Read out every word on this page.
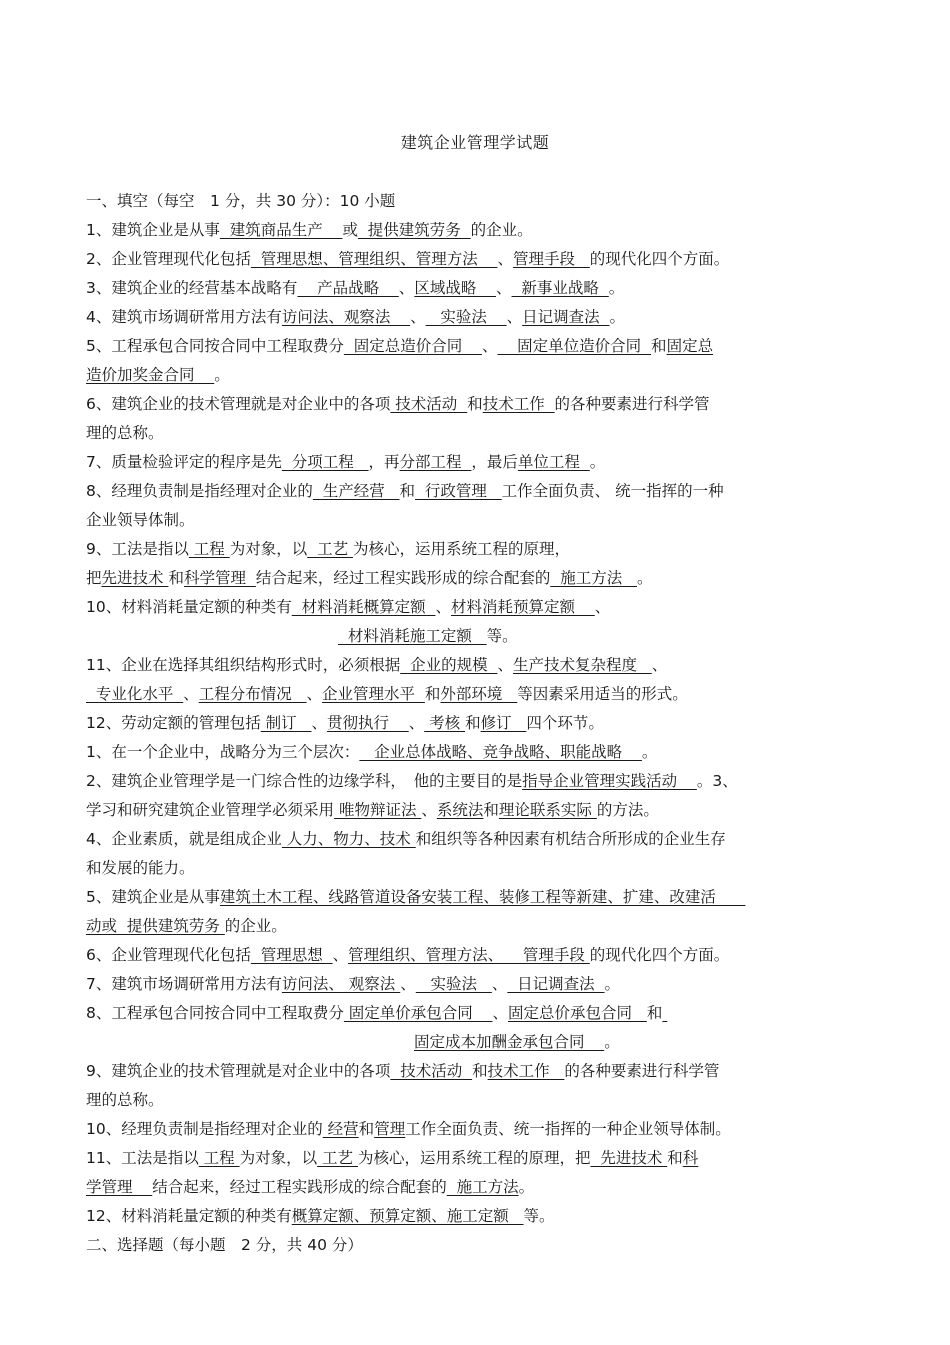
建筑企业管理学试题
一、填空（每空　1 分，共 30 分）：10 小题
1、建筑企业是从事  建筑商品生产    或  提供建筑劳务  的企业。
2、企业管理现代化包括  管理思想、管理组织、管理方法    、管理手段   的现代化四个方面。
3、建筑企业的经营基本战略有    产品战略    、区域战略    、  新事业战略  。
4、建筑市场调研常用方法有访问法、观察法    、   实验法    、日记调查法  。
5、工程承包合同按合同中工程取费分  固定总造价合同    、    固定单位造价合同  和固定总
造价加奖金合同    。
6、建筑企业的技术管理就是对企业中的各项 技术活动  和技术工作  的各种要素进行科学管
理的总称。
7、质量检验评定的程序是先  分项工程   ，再分部工程  ，最后单位工程  。
8、经理负责制是指经理对企业的  生产经营   和  行政管理   工作全面负责、 统一指挥的一种
企业领导体制。
9、工法是指以 工程 为对象，以  工艺 为核心，运用系统工程的原理，
把先进技术 和科学管理  结合起来，经过工程实践形成的综合配套的  施工方法   。
10、材料消耗量定额的种类有  材料消耗概算定额  、材料消耗预算定额    、
材料消耗施工定额   等。
11、企业在选择其组织结构形式时，必须根据  企业的规模  、生产技术复杂程度   、
专业化水平  、工程分布情况   、企业管理水平  和外部环境   等因素采用适当的形式。
12、劳动定额的管理包括 制订   、贯彻执行    、 考核 和修订   四个环节。
1、在一个企业中，战略分为三个层次：   企业总体战略、竞争战略、职能战略    。
2、建筑企业管理学是一门综合性的边缘学科，　他的主要目的是指导企业管理实践活动    。3、
学习和研究建筑企业管理学必须采用 唯物辩证法 、系统法和理论联系实际 的方法。
4、企业素质，就是组成企业 人力、物力、技术 和组织等各种因素有机结合所形成的企业生存
和发展的能力。
5、建筑企业是从事建筑土木工程、线路管道设备安装工程、装修工程等新建、扩建、改建活
动或  提供建筑劳务 的企业。
6、企业管理现代化包括  管理思想  、管理组织、管理方法、    管理手段 的现代化四个方面。
7、建筑市场调研常用方法有访问法、 观察法 、   实验法   、  日记调查法  。
8、工程承包合同按合同中工程取费分 固定单价承包合同    、固定总价承包合同   和
固定成本加酬金承包合同    。
9、建筑企业的技术管理就是对企业中的各项  技术活动  和技术工作   的各种要素进行科学管
理的总称。
10、经理负责制是指经理对企业的 经营和管理工作全面负责、统一指挥的一种企业领导体制。
11、工法是指以 工程 为对象，以 工艺 为核心，运用系统工程的原理，把  先进技术 和科
学管理    结合起来，经过工程实践形成的综合配套的  施工方法。
12、材料消耗量定额的种类有概算定额、预算定额、施工定额   等。
二、选择题（每小题　2 分，共 40 分）
